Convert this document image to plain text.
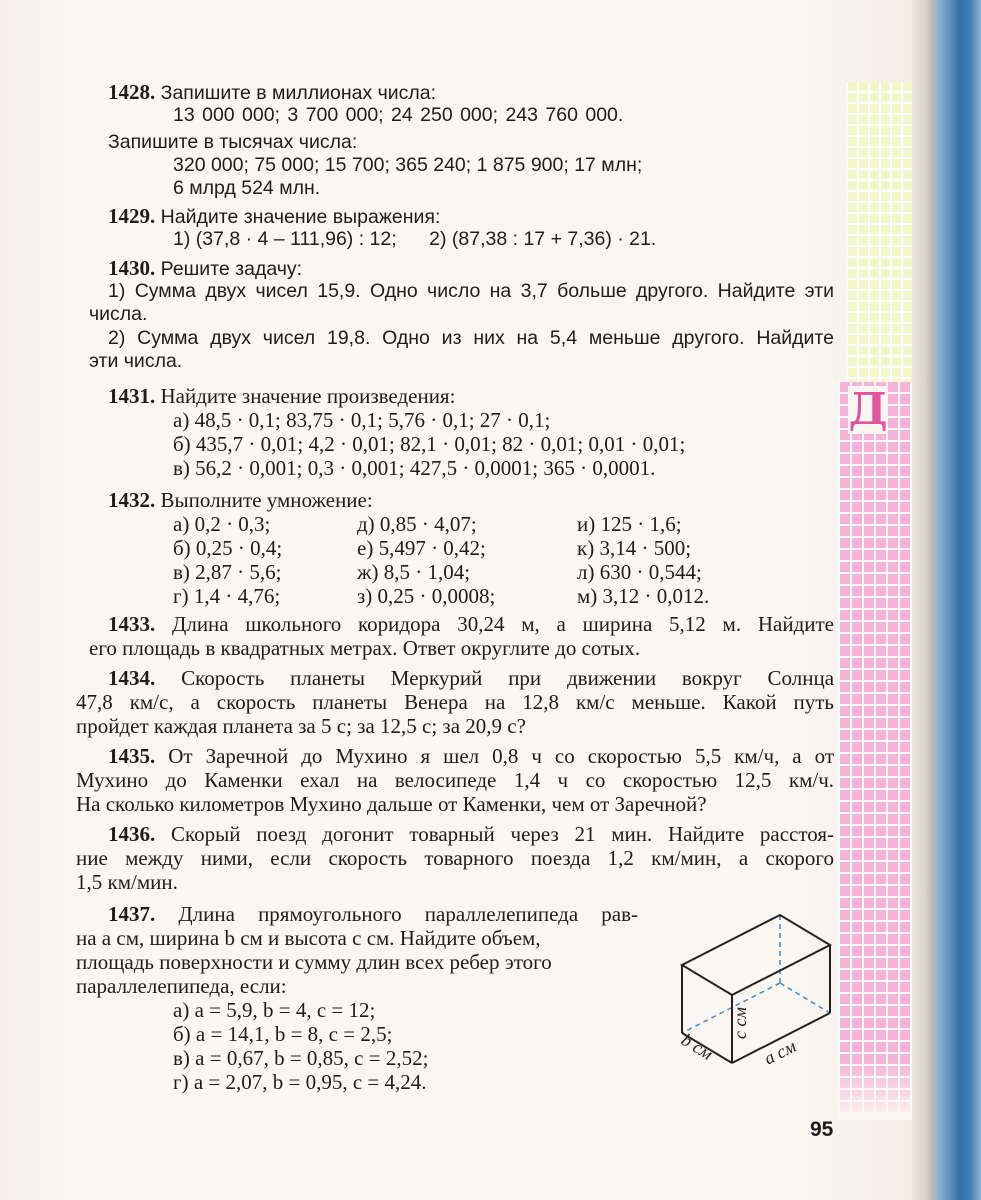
Д
1428. Запишите в миллионах числа:
13 000 000; 3 700 000; 24 250 000; 243 760 000.
Запишите в тысячах числа:
320 000; 75 000; 15 700; 365 240; 1 875 900; 17 млн;
6 млрд 524 млн.
1429. Найдите значение выражения:
1) (37,8 · 4 – 111,96) : 12;      2) (87,38 : 17 + 7,36) · 21.
1430. Решите задачу:
1) Сумма двух чисел 15,9. Одно число на 3,7 больше другого. Найдите эти
числа.
2) Сумма двух чисел 19,8. Одно из них на 5,4 меньше другого. Найдите
эти числа.
1431. Найдите значение произведения:
а) 48,5 · 0,1; 83,75 · 0,1; 5,76 · 0,1; 27 · 0,1;
б) 435,7 · 0,01; 4,2 · 0,01; 82,1 · 0,01; 82 · 0,01; 0,01 · 0,01;
в) 56,2 · 0,001; 0,3 · 0,001; 427,5 · 0,0001; 365 · 0,0001.
1432. Выполните умножение:
а) 0,2 · 0,3;
б) 0,25 · 0,4;
в) 2,87 · 5,6;
г) 1,4 · 4,76;
д) 0,85 · 4,07;
е) 5,497 · 0,42;
ж) 8,5 · 1,04;
з) 0,25 · 0,0008;
и) 125 · 1,6;
к) 3,14 · 500;
л) 630 · 0,544;
м) 3,12 · 0,012.
1433. Длина школьного коридора 30,24 м, а ширина 5,12 м. Найдите
его площадь в квадратных метрах. Ответ округлите до сотых.
1434. Скорость планеты Меркурий при движении вокруг Солнца
47,8 км/с, а скорость планеты Венера на 12,8 км/с меньше. Какой путь
пройдет каждая планета за 5 с; за 12,5 с; за 20,9 с?
1435. От Заречной до Мухино я шел 0,8 ч со скоростью 5,5 км/ч, а от
Мухино до Каменки ехал на велосипеде 1,4 ч со скоростью 12,5 км/ч.
На сколько километров Мухино дальше от Каменки, чем от Заречной?
1436. Скорый поезд догонит товарный через 21 мин. Найдите расстоя-
ние между ними, если скорость товарного поезда 1,2 км/мин, а скорого
1,5 км/мин.
1437. Длина прямоугольного параллелепипеда рав-
на a см, ширина b см и высота c см. Найдите объем,
площадь поверхности и сумму длин всех ребер этого
параллелепипеда, если:
а) a = 5,9, b = 4, c = 12;
б) a = 14,1, b = 8, c = 2,5;
в) a = 0,67, b = 0,85, c = 2,52;
г) a = 2,07, b = 0,95, c = 4,24.
c см
a см
b см
95
